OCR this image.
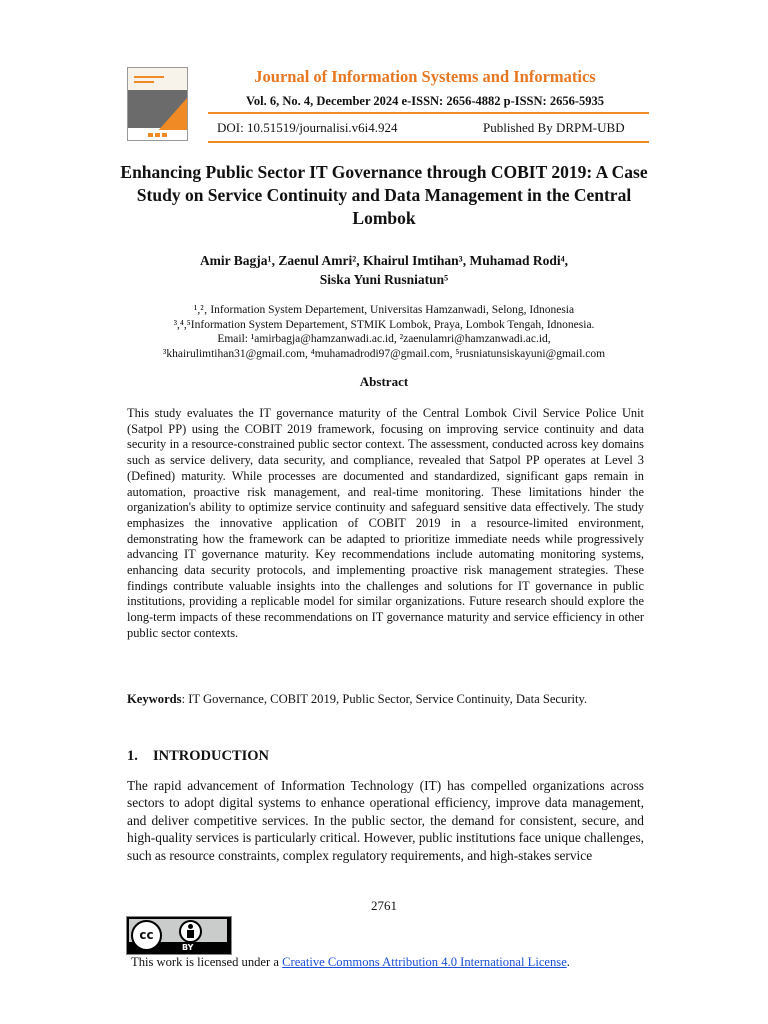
Journal of Information Systems and Informatics
Vol. 6, No. 4, December 2024 e-ISSN: 2656-4882 p-ISSN: 2656-5935
DOI: 10.51519/journalisi.v6i4.924	Published By DRPM-UBD
Enhancing Public Sector IT Governance through COBIT 2019: A Case Study on Service Continuity and Data Management in the Central Lombok
Amir Bagja¹, Zaenul Amri², Khairul Imtihan³, Muhamad Rodi⁴,
Siska Yuni Rusniatun⁵
¹,²‚ Information System Departement, Universitas Hamzanwadi, Selong, Idnonesia
³,⁴,⁵Information System Departement, STMIK Lombok, Praya, Lombok Tengah, Idnonesia.
Email: ¹amirbagja@hamzanwadi.ac.id, ²zaenulamri@hamzanwadi.ac.id,
³khairulimtihan31@gmail.com, ⁴muhamadrodi97@gmail.com, ⁵rusniatunsiskayuni@gmail.com
Abstract
This study evaluates the IT governance maturity of the Central Lombok Civil Service Police Unit (Satpol PP) using the COBIT 2019 framework, focusing on improving service continuity and data security in a resource-constrained public sector context. The assessment, conducted across key domains such as service delivery, data security, and compliance, revealed that Satpol PP operates at Level 3 (Defined) maturity. While processes are documented and standardized, significant gaps remain in automation, proactive risk management, and real-time monitoring. These limitations hinder the organization's ability to optimize service continuity and safeguard sensitive data effectively. The study emphasizes the innovative application of COBIT 2019 in a resource-limited environment, demonstrating how the framework can be adapted to prioritize immediate needs while progressively advancing IT governance maturity. Key recommendations include automating monitoring systems, enhancing data security protocols, and implementing proactive risk management strategies. These findings contribute valuable insights into the challenges and solutions for IT governance in public institutions, providing a replicable model for similar organizations. Future research should explore the long-term impacts of these recommendations on IT governance maturity and service efficiency in other public sector contexts.
Keywords: IT Governance, COBIT 2019, Public Sector, Service Continuity, Data Security.
1. INTRODUCTION
The rapid advancement of Information Technology (IT) has compelled organizations across sectors to adopt digital systems to enhance operational efficiency, improve data management, and deliver competitive services. In the public sector, the demand for consistent, secure, and high-quality services is particularly critical. However, public institutions face unique challenges, such as resource constraints, complex regulatory requirements, and high-stakes service
2761
cc
BY
This work is licensed under a Creative Commons Attribution 4.0 International License.
